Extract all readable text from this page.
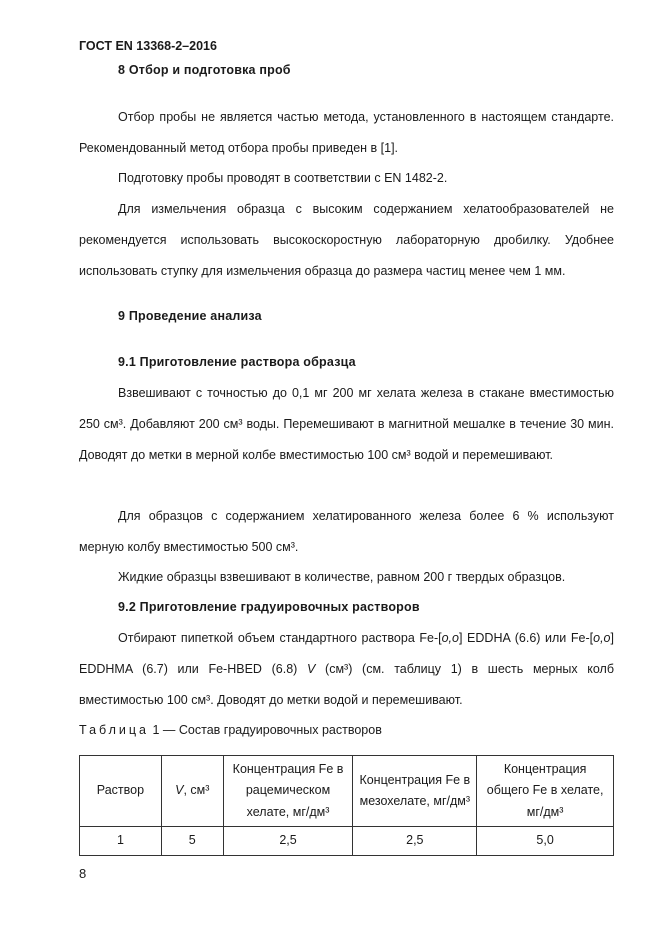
ГОСТ EN 13368-2–2016
8 Отбор и подготовка проб
Отбор пробы не является частью метода, установленного в настоящем стандарте. Рекомендованный метод отбора пробы приведен в [1].
Подготовку пробы проводят в соответствии с EN 1482-2.
Для измельчения образца с высоким содержанием хелатообразователей не рекомендуется использовать высокоскоростную лабораторную дробилку. Удобнее использовать ступку для измельчения образца до размера частиц менее чем 1 мм.
9 Проведение анализа
9.1 Приготовление раствора образца
Взвешивают с точностью до 0,1 мг 200 мг хелата железа в стакане вместимостью 250 см³. Добавляют 200 см³ воды. Перемешивают в магнитной мешалке в течение 30 мин. Доводят до метки в мерной колбе вместимостью 100 см³ водой и перемешивают.
Для образцов с содержанием хелатированного железа более 6 % используют мерную колбу вместимостью 500 см³.
Жидкие образцы взвешивают в количестве, равном 200 г твердых образцов.
9.2 Приготовление градуировочных растворов
Отбирают пипеткой объем стандартного раствора Fe-[o,o] EDDHA (6.6) или Fe-[o,o] EDDHMA (6.7) или Fe-HBED (6.8) V (см³) (см. таблицу 1) в шесть мерных колб вместимостью 100 см³. Доводят до метки водой и перемешивают.
Таблица 1 — Состав градуировочных растворов
Раствор	V, см³	Концентрация Fe в рацемическом хелате, мг/дм³	Концентрация Fe в мезохелате, мг/дм³	Концентрация общего Fe в хелате, мг/дм³
1	5	2,5	2,5	5,0
8
